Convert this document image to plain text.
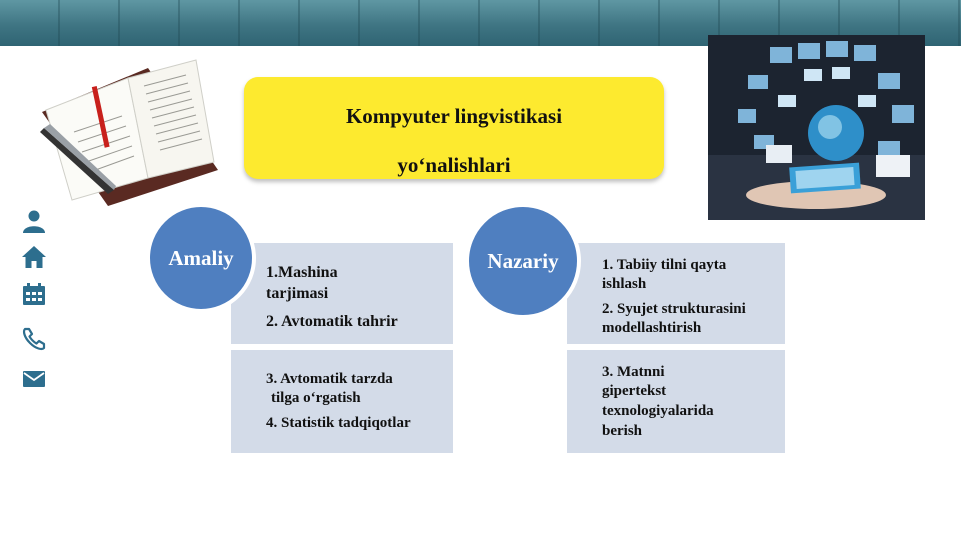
Kompyuter lingvistikasi
yo‘nalishlari
Amaliy
1.Mashina
tarjimasi
2. Avtomatik tahrir
3. Avtomatik tarzda
tilga o‘rgatish
4. Statistik tadqiqotlar
Nazariy	1. Tabiiy tilni qayta
ishlash
2. Syujet strukturasini
modellashtirish
3. Matnni
gipertekst
texnologiyalarida
berish
